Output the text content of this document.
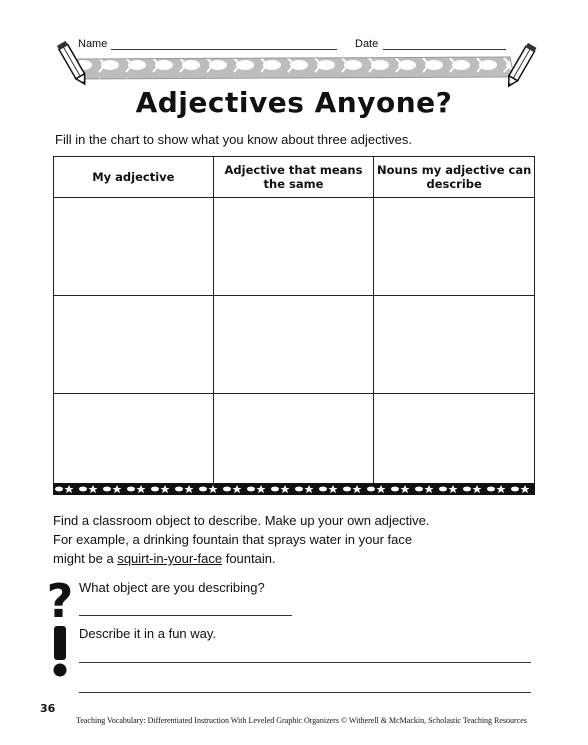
Name	Date
Adjectives Anyone?
Fill in the chart to show what you know about three adjectives.
My adjective	Adjective that means the same	Nouns my adjective can describe

Find a classroom object to describe. Make up your own adjective.
For example, a drinking fountain that sprays water in your face
might be a squirt-in-your-face fountain.
? What object are you describing?
Describe it in a fun way.
36
Teaching Vocabulary: Differentiated Instruction With Leveled Graphic Organizers © Witherell & McMackin, Scholastic Teaching Resources
